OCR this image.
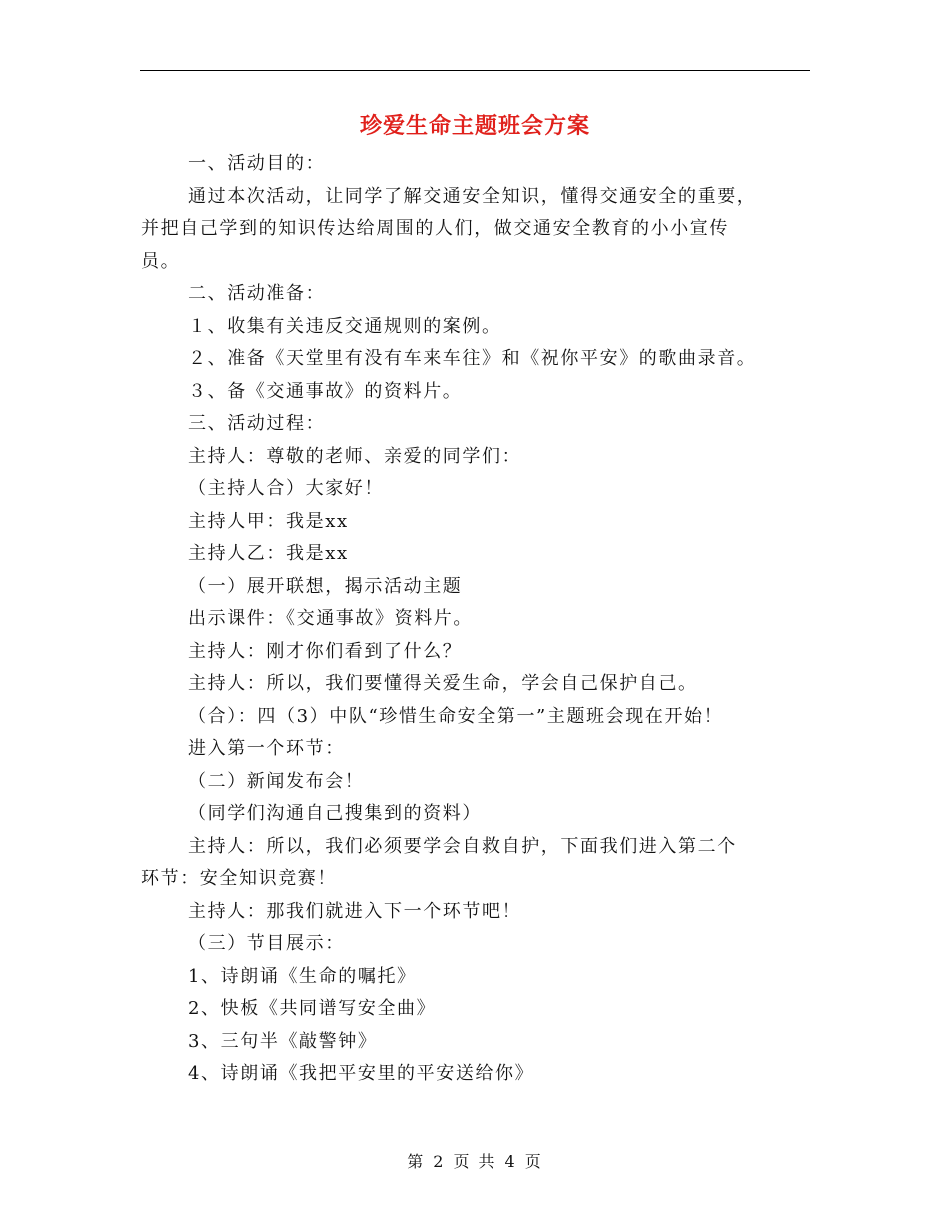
珍爱生命主题班会方案

一、活动目的：

通过本次活动，让同学了解交通安全知识，懂得交通安全的重要，

并把自己学到的知识传达给周围的人们，做交通安全教育的小小宣传

员。

二、活动准备：

１、收集有关违反交通规则的案例。

２、准备《天堂里有没有车来车往》和《祝你平安》的歌曲录音。

３、备《交通事故》的资料片。

三、活动过程：

主持人：尊敬的老师、亲爱的同学们：

（主持人合）大家好！

主持人甲：我是xx

主持人乙：我是xx

（一）展开联想，揭示活动主题

出示课件：《交通事故》资料片。

主持人：刚才你们看到了什么？

主持人：所以，我们要懂得关爱生命，学会自己保护自己。

（合）：四（3）中队“珍惜生命安全第一”主题班会现在开始！

进入第一个环节：

（二）新闻发布会！

（同学们沟通自己搜集到的资料）

主持人：所以，我们必须要学会自救自护，下面我们进入第二个

环节：安全知识竞赛！

主持人：那我们就进入下一个环节吧！

（三）节目展示：

1、诗朗诵《生命的嘱托》

2、快板《共同谱写安全曲》

3、三句半《敲警钟》

4、诗朗诵《我把平安里的平安送给你》

第 2 页 共 4 页
